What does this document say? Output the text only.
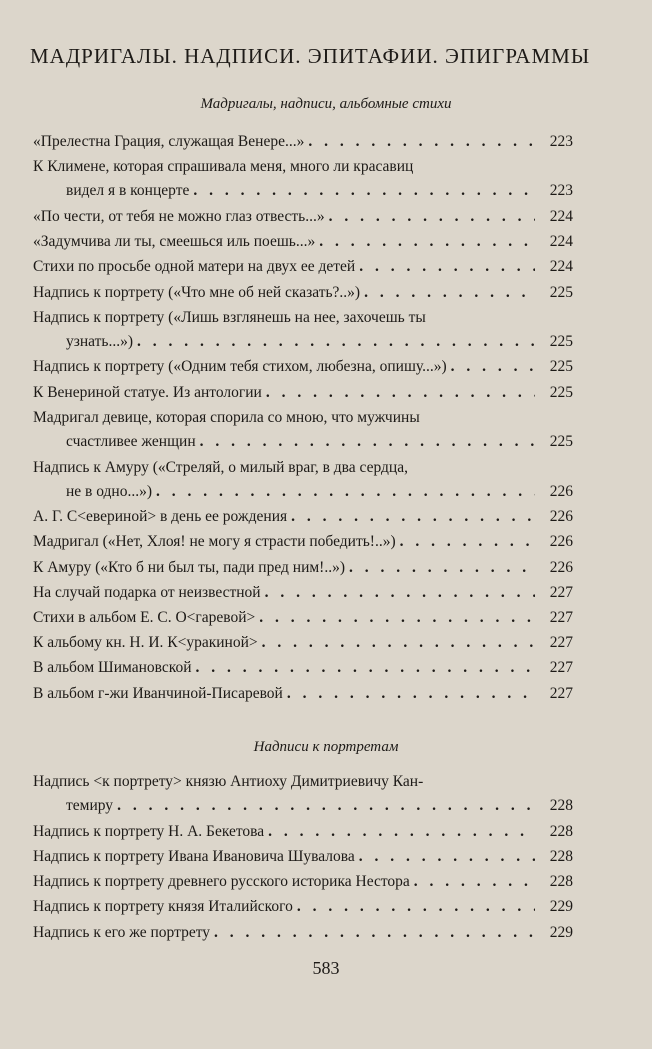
МАДРИГАЛЫ. НАДПИСИ. ЭПИТАФИИ. ЭПИГРАММЫ
Мадригалы, надписи, альбомные стихи
«Прелестна Грация, служащая Венере...» . . .	223
К Климене, которая спрашивала меня, много ли красавиц
видел я в концерте . . .	223
«По чести, от тебя не можно глаз отвесть...» . . .	224
«Задумчива ли ты, смеешься иль поешь...» . . .	224
Стихи по просьбе одной матери на двух ее детей . . .	224
Надпись к портрету («Что мне об ней сказать?..») . . .	225
Надпись к портрету («Лишь взглянешь на нее, захочешь ты
узнать...») . . .	225
Надпись к портрету («Одним тебя стихом, любезна, опишу...») . . .	225
К Венериной статуе. Из антологии . . .	225
Мадригал девице, которая спорила со мною, что мужчины
счастливее женщин . . .	225
Надпись к Амуру («Стреляй, о милый враг, в два сердца,
не в одно...») . . .	226
А. Г. С<евериной> в день ее рождения . . .	226
Мадригал («Нет, Хлоя! не могу я страсти победить!..») . . .	226
К Амуру («Кто б ни был ты, пади пред ним!..») . . .	226
На случай подарка от неизвестной . . .	227
Стихи в альбом Е. С. О<гаревой> . . .	227
К альбому кн. Н. И. К<уракиной> . . .	227
В альбом Шимановской . . .	227
В альбом г-жи Иванчиной-Писаревой . . .	227
Надписи к портретам
Надпись <к портрету> князю Антиоху Димитриевичу Кан-
темиру . . .	228
Надпись к портрету Н. А. Бекетова . . .	228
Надпись к портрету Ивана Ивановича Шувалова . . .	228
Надпись к портрету древнего русского историка Нестора . . .	228
Надпись к портрету князя Италийского . . .	229
Надпись к его же портрету . . .	229
583
